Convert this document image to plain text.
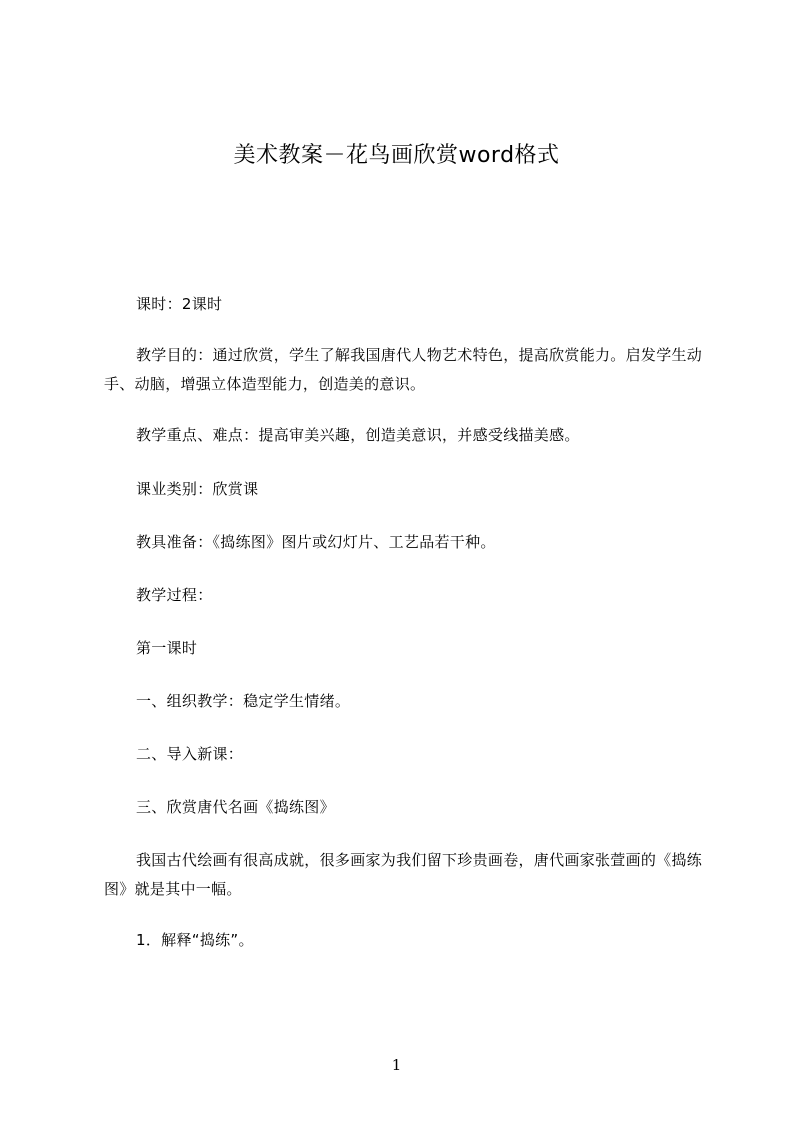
美术教案－花鸟画欣赏word格式

课时：2课时

教学目的：通过欣赏，学生了解我国唐代人物艺术特色，提高欣赏能力。启发学生动手、动脑，增强立体造型能力，创造美的意识。

教学重点、难点：提高审美兴趣，创造美意识，并感受线描美感。

课业类别：欣赏课

教具准备：《捣练图》图片或幻灯片、工艺品若干种。

教学过程：

第一课时

一、组织教学：稳定学生情绪。

二、导入新课：

三、欣赏唐代名画《捣练图》

我国古代绘画有很高成就，很多画家为我们留下珍贵画卷，唐代画家张萱画的《捣练图》就是其中一幅。

1．解释“捣练”。

1
